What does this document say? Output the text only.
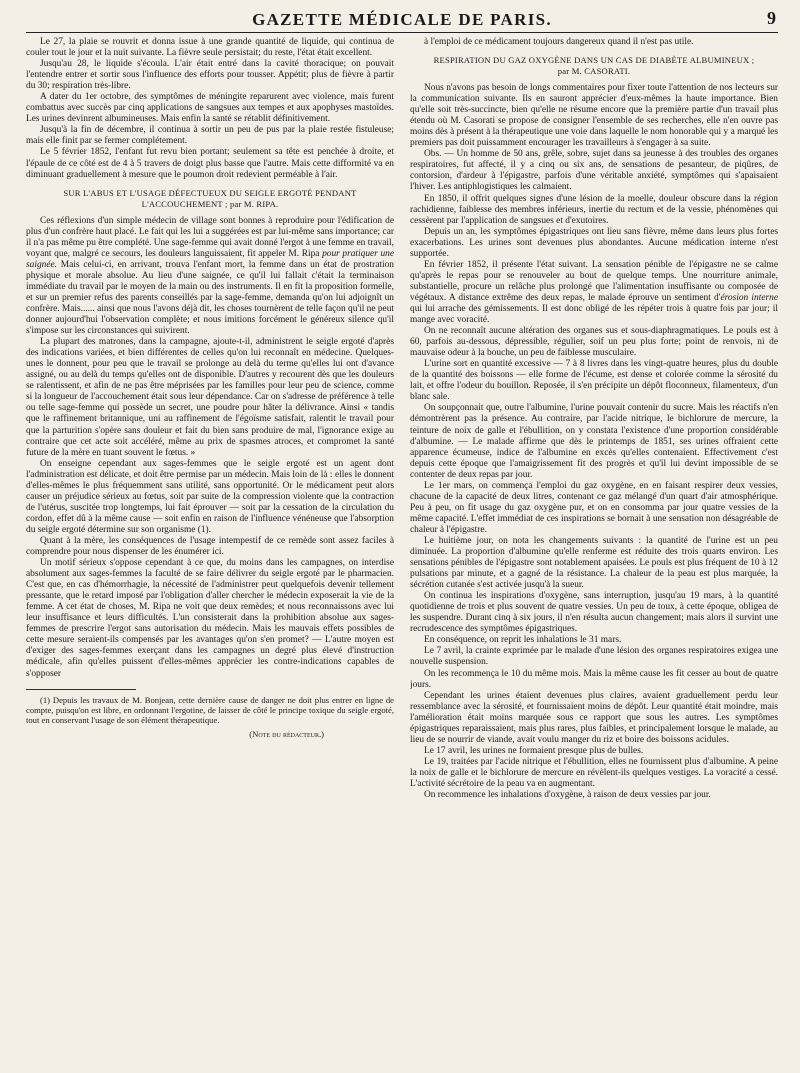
GAZETTE MÉDICALE DE PARIS.	9

Le 27, la plaie se rouvrit et donna issue à une grande quantité de liquide, qui continua de couler tout le jour et la nuit suivante. La fièvre seule persistait; du reste, l'état était excellent.

Jusqu'au 28, le liquide s'écoula. L'air était entré dans la cavité thoracique; on pouvait l'entendre entrer et sortir sous l'influence des efforts pour tousser. Appétit; plus de fièvre à partir du 30; respiration très-libre.

A dater du 1er octobre, des symptômes de méningite reparurent avec violence, mais furent combattus avec succès par cinq applications de sangsues aux tempes et aux apophyses mastoïdes. Les urines devinrent albumineuses. Mais enfin la santé se rétablit définitivement.

Jusqu'à la fin de décembre, il continua à sortir un peu de pus par la plaie restée fistuleuse; mais elle finit par se fermer complétement.

Le 5 février 1852, l'enfant fut revu bien portant; seulement sa tête est penchée à droite, et l'épaule de ce côté est de 4 à 5 travers de doigt plus basse que l'autre. Mais cette difformité va en diminuant graduellement à mesure que le poumon droit redevient perméable à l'air.

SUR L'ABUS ET L'USAGE DÉFECTUEUX DU SEIGLE ERGOTÉ PENDANT L'ACCOUCHEMENT ; par M. RIPA.

Ces réflexions d'un simple médecin de village sont bonnes à reproduire pour l'édification de plus d'un confrère haut placé. Le fait qui les lui a suggérées est par lui-même sans importance; car il n'a pas même pu être complété. Une sage-femme qui avait donné l'ergot à une femme en travail, voyant que, malgré ce secours, les douleurs languissaient, fit appeler M. Ripa pour pratiquer une saignée. Mais celui-ci, en arrivant, trouva l'enfant mort, la femme dans un état de prostration physique et morale absolue. Au lieu d'une saignée, ce qu'il lui fallait c'était la terminaison immédiate du travail par le moyen de la main ou des instruments. Il en fit la proposition formelle, et sur un premier refus des parents conseillés par la sage-femme, demanda qu'on lui adjoignît un confrère. Mais...... ainsi que nous l'avons déjà dit, les choses tournèrent de telle façon qu'il ne peut donner aujourd'hui l'observation complète; et nous imitions forcément le généreux silence qu'il s'impose sur les circonstances qui suivirent.

La plupart des matrones, dans la campagne, ajoute-t-il, administrent le seigle ergoté d'après des indications variées, et bien différentes de celles qu'on lui reconnaît en médecine. Quelques-unes le donnent, pour peu que le travail se prolonge au delà du terme qu'elles lui ont d'avance assigné, ou au delà du temps qu'elles ont de disponible. D'autres y recourent dès que les douleurs se ralentissent, et afin de ne pas être méprisées par les familles pour leur peu de science, comme si la longueur de l'accouchement était sous leur dépendance. Car on s'adresse de préférence à telle ou telle sage-femme qui possède un secret, une poudre pour hâter la délivrance. Ainsi « tandis que le raffinement britannique, uni au raffinement de l'égoïsme satisfait, ralentit le travail pour que la parturition s'opère sans douleur et fait du bien sans produire de mal, l'ignorance exige au contraire que cet acte soit accéléré, même au prix de spasmes atroces, et compromet la santé future de la mère en tuant souvent le fœtus. »

On enseigne cependant aux sages-femmes que le seigle ergoté est un agent dont l'administration est délicate, et doit être permise par un médecin. Mais loin de là : elles le donnent d'elles-mêmes le plus fréquemment sans utilité, sans opportunité. Or le médicament peut alors causer un préjudice sérieux au fœtus, soit par suite de la compression violente que la contraction de l'utérus, suscitée trop longtemps, lui fait éprouver — soit par la cessation de la circulation du cordon, effet dû à la même cause — soit enfin en raison de l'influence vénéneuse que l'absorption du seigle ergoté détermine sur son organisme (1).

Quant à la mère, les conséquences de l'usage intempestif de ce remède sont assez faciles à comprendre pour nous dispenser de les énumérer ici.

Un motif sérieux s'oppose cependant à ce que, du moins dans les campagnes, on interdise absolument aux sages-femmes la faculté de se faire délivrer du seigle ergoté par le pharmacien. C'est que, en cas d'hémorrhagie, la nécessité de l'administrer peut quelquefois devenir tellement pressante, que le retard imposé par l'obligation d'aller chercher le médecin exposerait la vie de la femme. A cet état de choses, M. Ripa ne voit que deux remèdes; et nous reconnaissons avec lui leur insuffisance et leurs difficultés. L'un consisterait dans la prohibition absolue aux sages-femmes de prescrire l'ergot sans autorisation du médecin. Mais les mauvais effets possibles de cette mesure seraient-ils compensés par les avantages qu'on s'en promet? — L'autre moyen est d'exiger des sages-femmes exerçant dans les campagnes un degré plus élevé d'instruction médicale, afin qu'elles puissent d'elles-mêmes apprécier les contre-indications capables de s'opposer

(1) Depuis les travaux de M. Bonjean, cette dernière cause de danger ne doit plus entrer en ligne de compte, puisqu'on est libre, en ordonnant l'ergotine, de laisser de côté le principe toxique du seigle ergoté, tout en conservant l'usage de son élément thérapeutique.

(Note du rédacteur.)

à l'emploi de ce médicament toujours dangereux quand il n'est pas utile.

RESPIRATION DU GAZ OXYGÈNE DANS UN CAS DE DIABÈTE ALBUMINEUX ;
par M. CASORATI.

Nous n'avons pas besoin de longs commentaires pour fixer toute l'attention de nos lecteurs sur la communication suivante. Ils en sauront apprécier d'eux-mêmes la haute importance. Bien qu'elle soit très-succincte, bien qu'elle ne résume encore que la première partie d'un travail plus étendu où M. Casorati se propose de consigner l'ensemble de ses recherches, elle n'en ouvre pas moins dès à présent à la thérapeutique une voie dans laquelle le nom honorable qui y a marqué les premiers pas doit puissamment encourager les travailleurs à s'engager à sa suite.

Obs. — Un homme de 50 ans, grêle, sobre, sujet dans sa jeunesse à des troubles des organes respiratoires, fut affecté, il y a cinq ou six ans, de sensations de pesanteur, de piqûres, de contorsion, d'ardeur à l'épigastre, parfois d'une véritable anxiété, symptômes qui s'apaisaient l'hiver. Les antiphlogistiques les calmaient.

En 1850, il offrit quelques signes d'une lésion de la moelle, douleur obscure dans la région rachidienne, faiblesse des membres inférieurs, inertie du rectum et de la vessie, phénomènes qui cessèrent par l'application de sangsues et d'exutoires.

Depuis un an, les symptômes épigastriques ont lieu sans fièvre, même dans leurs plus fortes exacerbations. Les urines sont devenues plus abondantes. Aucune médication interne n'est supportée.

En février 1852, il présente l'état suivant. La sensation pénible de l'épigastre ne se calme qu'après le repas pour se renouveler au bout de quelque temps. Une nourriture animale, substantielle, procure un relâche plus prolongé que l'alimentation insuffisante ou composée de végétaux. A distance extrême des deux repas, le malade éprouve un sentiment d'érosion interne qui lui arrache des gémissements. Il est donc obligé de les répéter trois à quatre fois par jour; il mange avec voracité.

On ne reconnaît aucune altération des organes sus et sous-diaphragmatiques. Le pouls est à 60, parfois au-dessous, dépressible, régulier, soif un peu plus forte; point de renvois, ni de mauvaise odeur à la bouche, un peu de faiblesse musculaire.

L'urine sort en quantité excessive — 7 à 8 livres dans les vingt-quatre heures, plus du double de la quantité des boissons — elle forme de l'écume, est dense et colorée comme la sérosité du lait, et offre l'odeur du bouillon. Reposée, il s'en précipite un dépôt floconneux, filamenteux, d'un blanc sale.

On soupçonnait que, outre l'albumine, l'urine pouvait contenir du sucre. Mais les réactifs n'en démontrèrent pas la présence. Au contraire, par l'acide nitrique, le bichlorure de mercure, la teinture de noix de galle et l'ébullition, on y constata l'existence d'une proportion considérable d'albumine. — Le malade affirme que dès le printemps de 1851, ses urines offraient cette apparence écumeuse, indice de l'albumine en excès qu'elles contenaient. Effectivement c'est depuis cette époque que l'amaigrissement fit des progrès et qu'il lui devint impossible de se contenter de deux repas par jour.

Le 1er mars, on commença l'emploi du gaz oxygène, en en faisant respirer deux vessies, chacune de la capacité de deux litres, contenant ce gaz mélangé d'un quart d'air atmosphérique. Peu à peu, on fit usage du gaz oxygène pur, et on en consomma par jour quatre vessies de la même capacité. L'effet immédiat de ces inspirations se bornait à une sensation non désagréable de chaleur à l'épigastre.

Le huitième jour, on nota les changements suivants : la quantité de l'urine est un peu diminuée. La proportion d'albumine qu'elle renferme est réduite des trois quarts environ. Les sensations pénibles de l'épigastre sont notablement apaisées. Le pouls est plus fréquent de 10 à 12 pulsations par minute, et a gagné de la résistance. La chaleur de la peau est plus marquée, la sécrétion cutanée s'est activée jusqu'à la sueur.

On continua les inspirations d'oxygène, sans interruption, jusqu'au 19 mars, à la quantité quotidienne de trois et plus souvent de quatre vessies. Un peu de toux, à cette époque, obligea de les suspendre. Durant cinq à six jours, il n'en résulta aucun changement; mais alors il survint une recrudescence des symptômes épigastriques.

En conséquence, on reprit les inhalations le 31 mars.

Le 7 avril, la crainte exprimée par le malade d'une lésion des organes respiratoires exigea une nouvelle suspension.

On les recommença le 10 du même mois. Mais la même cause les fit cesser au bout de quatre jours.

Cependant les urines étaient devenues plus claires, avaient graduellement perdu leur ressemblance avec la sérosité, et fournissaient moins de dépôt. Leur quantité était moindre, mais l'amélioration était moins marquée sous ce rapport que sous les autres. Les symptômes épigastriques reparaissaient, mais plus rares, plus faibles, et principalement lorsque le malade, au lieu de se nourrir de viande, avait voulu manger du riz et boire des boissons acidules.

Le 17 avril, les urines ne formaient presque plus de bulles.

Le 19, traitées par l'acide nitrique et l'ébullition, elles ne fournissent plus d'albumine. A peine la noix de galle et le bichlorure de mercure en révèlent-ils quelques vestiges. La voracité a cessé. L'activité sécrétoire de la peau va en augmentant.

On recommence les inhalations d'oxygène, à raison de deux vessies par jour.
